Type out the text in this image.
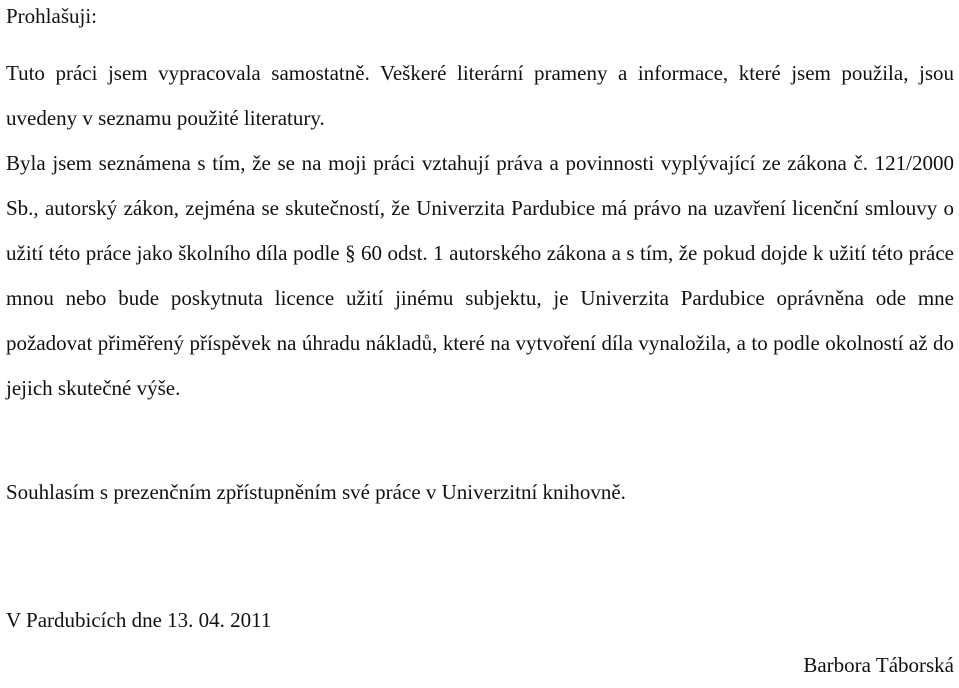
Prohlašuji:

Tuto práci jsem vypracovala samostatně. Veškeré literární prameny a informace, které jsem použila, jsou uvedeny v seznamu použité literatury.

Byla jsem seznámena s tím, že se na moji práci vztahují práva a povinnosti vyplývající ze zákona č. 121/2000 Sb., autorský zákon, zejména se skutečností, že Univerzita Pardubice má právo na uzavření licenční smlouvy o užití této práce jako školního díla podle § 60 odst. 1 autorského zákona a s tím, že pokud dojde k užití této práce mnou nebo bude poskytnuta licence užití jinému subjektu, je Univerzita Pardubice oprávněna ode mne požadovat přiměřený příspěvek na úhradu nákladů, které na vytvoření díla vynaložila, a to podle okolností až do jejich skutečné výše.

Souhlasím s prezenčním zpřístupněním své práce v Univerzitní knihovně.
V Pardubicích dne 13. 04. 2011
Barbora Táborská
